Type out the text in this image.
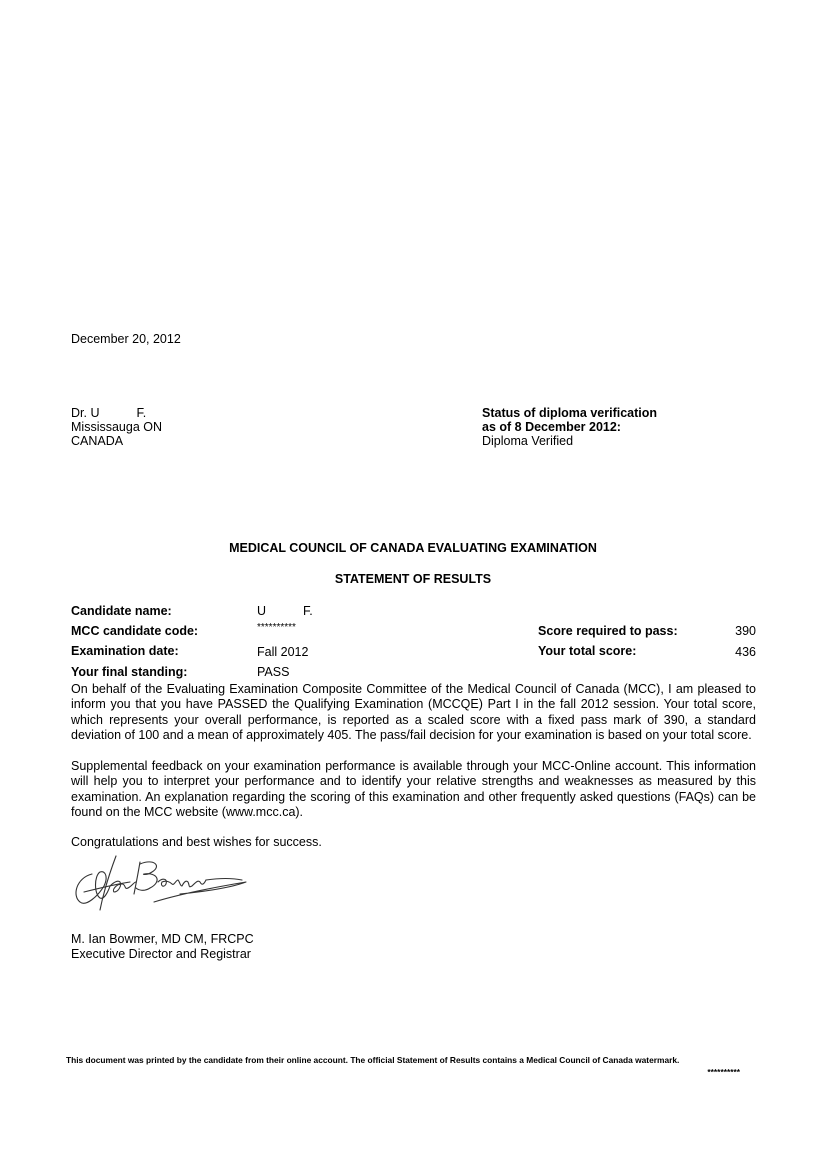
December 20, 2012
Dr. U	F.
Mississauga ON
CANADA
Status of diploma verification
as of 8 December 2012:
Diploma Verified
MEDICAL COUNCIL OF CANADA EVALUATING EXAMINATION
STATEMENT OF RESULTS
Candidate name:	U	F.
MCC candidate code:	**********	Score required to pass:	390
Examination date:	Fall 2012	Your total score:	436
Your final standing:	PASS

On behalf of the Evaluating Examination Composite Committee of the Medical Council of Canada (MCC), I am pleased to inform you that you have PASSED the Qualifying Examination (MCCQE) Part I in the fall 2012 session. Your total score, which represents your overall performance, is reported as a scaled score with a fixed pass mark of 390, a standard deviation of 100 and a mean of approximately 405. The pass/fail decision for your examination is based on your total score.

Supplemental feedback on your examination performance is available through your MCC-Online account. This information will help you to interpret your performance and to identify your relative strengths and weaknesses as measured by this examination. An explanation regarding the scoring of this examination and other frequently asked questions (FAQs) can be found on the MCC website (www.mcc.ca).

Congratulations and best wishes for success.

M. Ian Bowmer, MD CM, FRCPC
Executive Director and Registrar
This document was printed by the candidate from their online account. The official Statement of Results contains a Medical Council of Canada watermark.
**********
